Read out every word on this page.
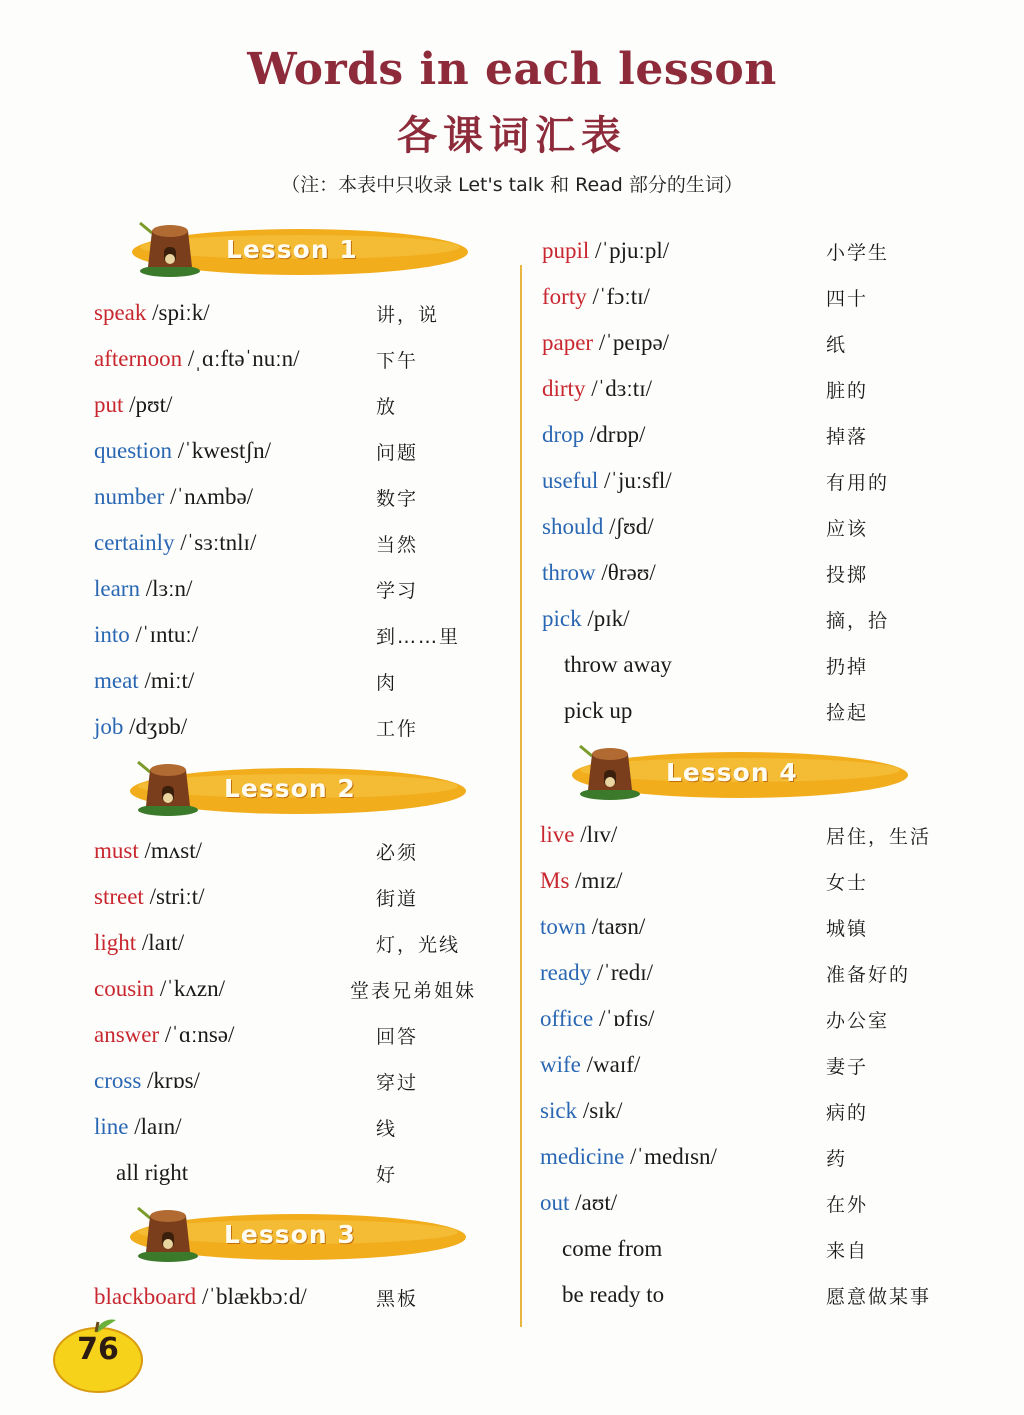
Words in each lesson
各课词汇表
（注：本表中只收录 Let's talk 和 Read 部分的生词）
Lesson 1
speak /spiːk/	讲，说
afternoon /ˌɑːftəˈnuːn/	下午
put /pʊt/	放
question /ˈkwestʃn/	问题
number /ˈnʌmbə/	数字
certainly /ˈsɜːtnlɪ/	当然
learn /lɜːn/	学习
into /ˈɪntuː/	到……里
meat /miːt/	肉
job /dʒɒb/	工作
Lesson 2
must /mʌst/	必须
street /striːt/	街道
light /laɪt/	灯，光线
cousin /ˈkʌzn/	堂表兄弟姐妹
answer /ˈɑːnsə/	回答
cross /krɒs/	穿过
line /laɪn/	线
all right	好
Lesson 3
blackboard /ˈblækbɔːd/	黑板
pupil /ˈpjuːpl/	小学生
forty /ˈfɔːtɪ/	四十
paper /ˈpeɪpə/	纸
dirty /ˈdɜːtɪ/	脏的
drop /drɒp/	掉落
useful /ˈjuːsfl/	有用的
should /ʃʊd/	应该
throw /θrəʊ/	投掷
pick /pɪk/	摘，拾
throw away	扔掉
pick up	捡起
Lesson 4
live /lɪv/	居住，生活
Ms /mɪz/	女士
town /taʊn/	城镇
ready /ˈredɪ/	准备好的
office /ˈɒfɪs/	办公室
wife /waɪf/	妻子
sick /sɪk/	病的
medicine /ˈmedɪsn/	药
out /aʊt/	在外
come from	来自
be ready to	愿意做某事
76
